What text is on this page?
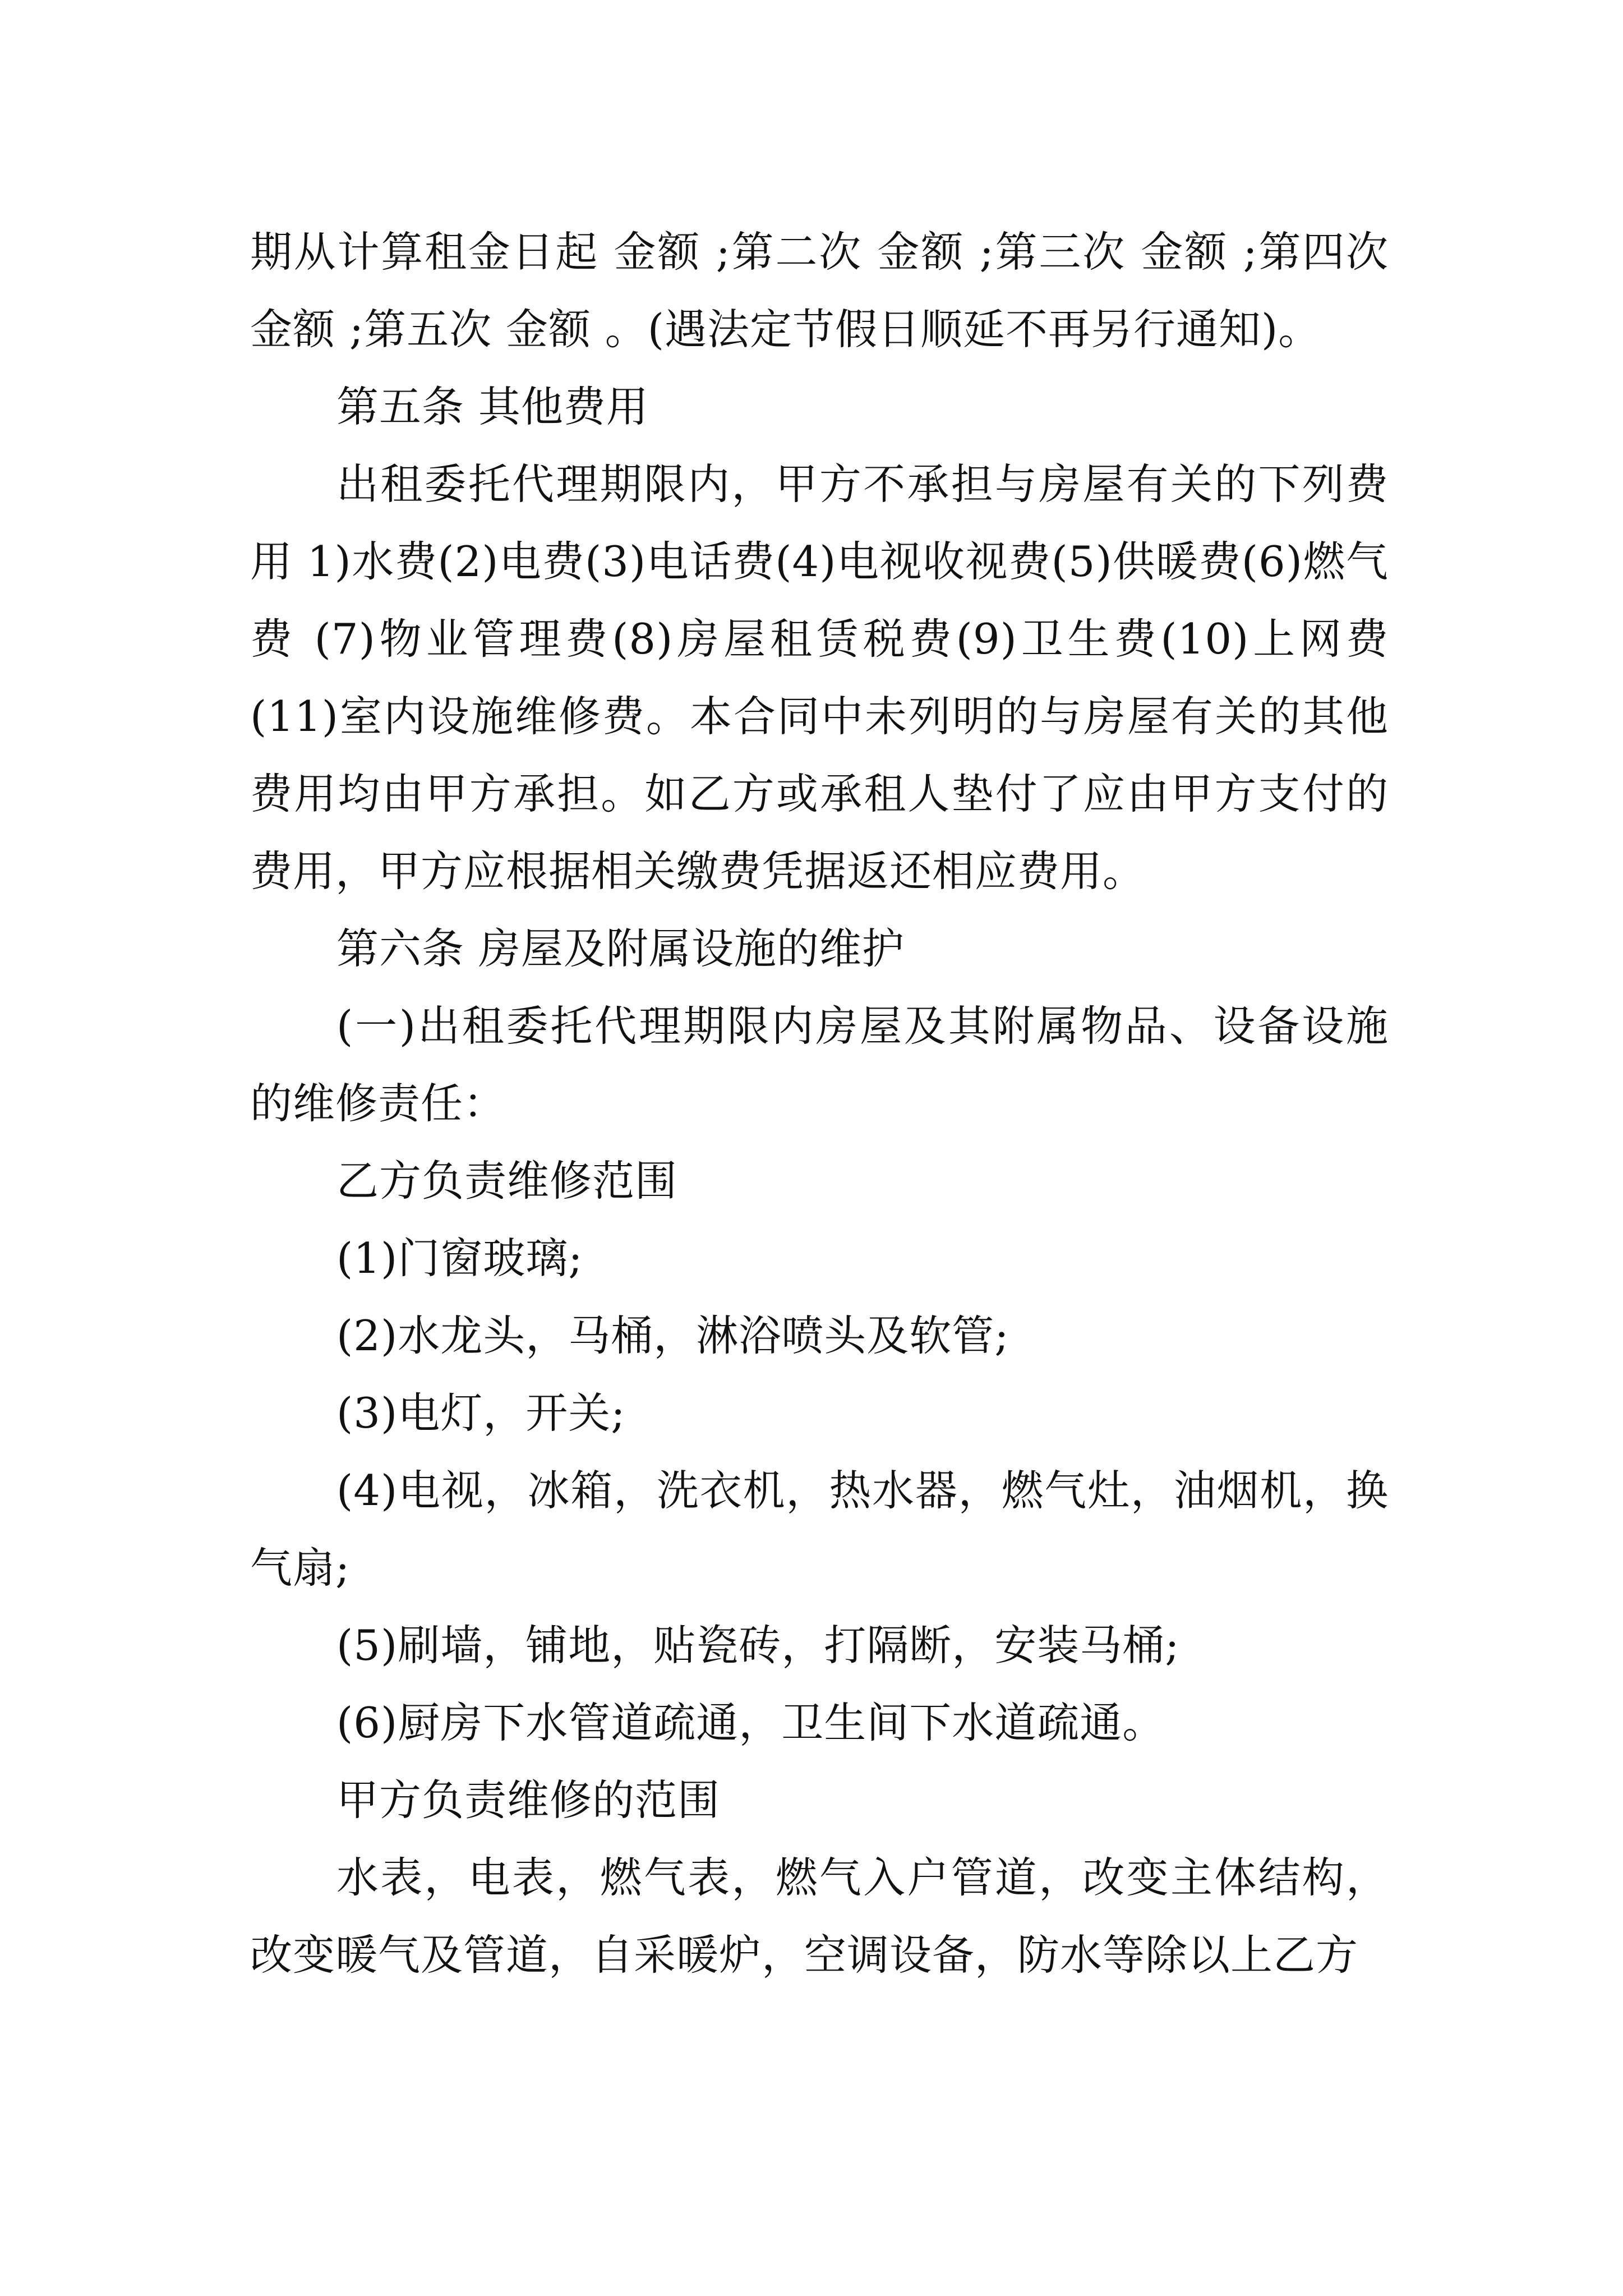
期从计算租金日起 金额 ;第二次 金额 ;第三次 金额 ;第四次 金额 ;第五次 金额 。(遇法定节假日顺延不再另行通知)。

第五条 其他费用

出租委托代理期限内，甲方不承担与房屋有关的下列费用 1)水费(2)电费(3)电话费(4)电视收视费(5)供暖费(6)燃气费 (7)物业管理费(8)房屋租赁税费(9)卫生费(10)上网费(11)室内设施维修费。本合同中未列明的与房屋有关的其他费用均由甲方承担。如乙方或承租人垫付了应由甲方支付的费用，甲方应根据相关缴费凭据返还相应费用。

第六条 房屋及附属设施的维护

(一)出租委托代理期限内房屋及其附属物品、设备设施的维修责任：

乙方负责维修范围

(1)门窗玻璃;

(2)水龙头，马桶，淋浴喷头及软管;

(3)电灯，开关;

(4)电视，冰箱，洗衣机，热水器，燃气灶，油烟机，换气扇;

(5)刷墙，铺地，贴瓷砖，打隔断，安装马桶;

(6)厨房下水管道疏通，卫生间下水道疏通。

甲方负责维修的范围

水表，电表，燃气表，燃气入户管道，改变主体结构，改变暖气及管道，自采暖炉，空调设备，防水等除以上乙方
